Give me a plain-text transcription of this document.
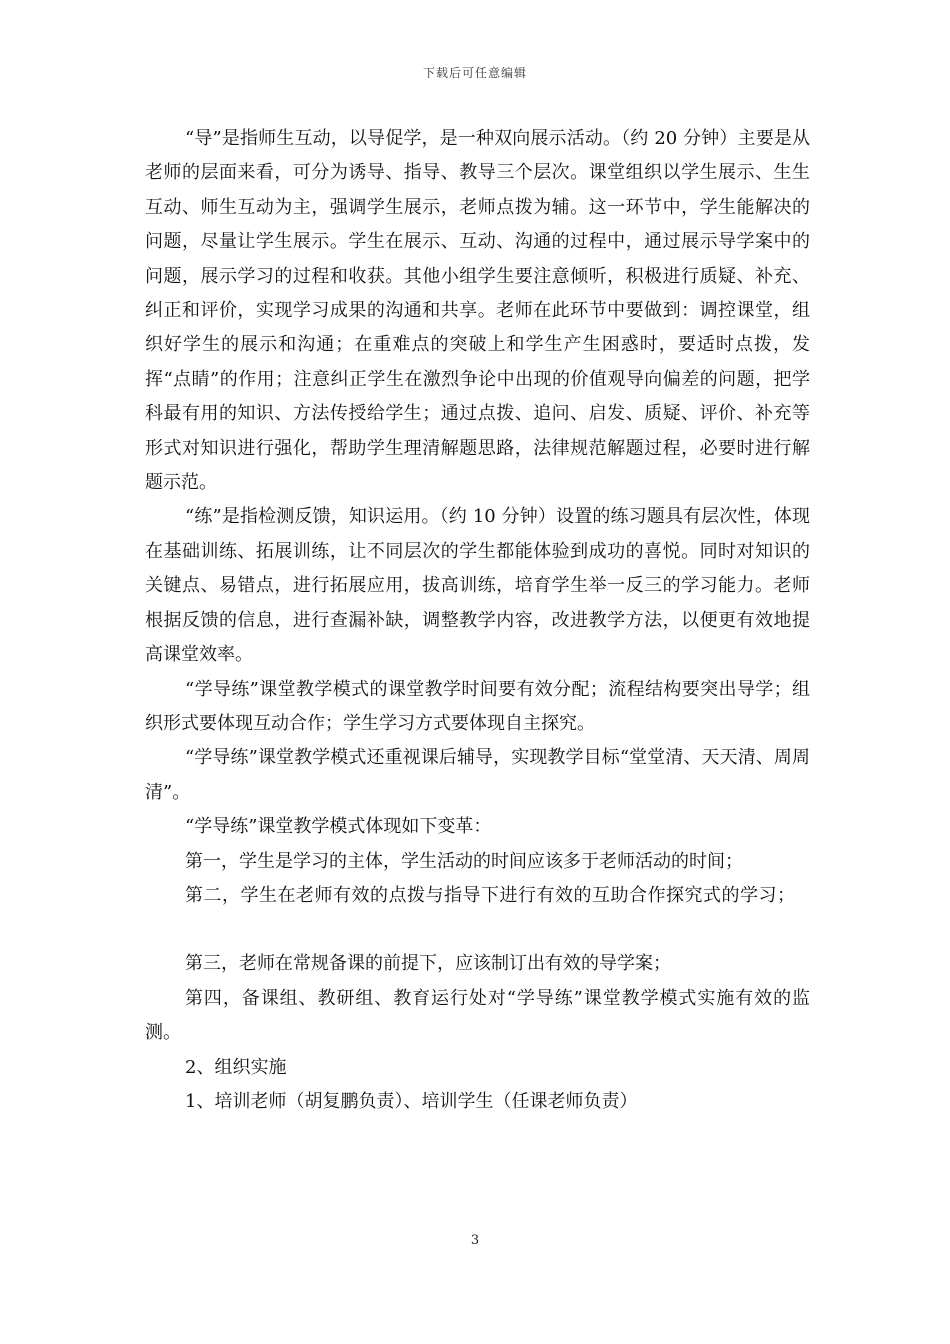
下载后可任意编辑

“导”是指师生互动，以导促学，是一种双向展示活动。（约 20 分钟）主要是从老师的层面来看，可分为诱导、指导、教导三个层次。课堂组织以学生展示、生生互动、师生互动为主，强调学生展示，老师点拨为辅。这一环节中，学生能解决的问题，尽量让学生展示。学生在展示、互动、沟通的过程中，通过展示导学案中的问题，展示学习的过程和收获。其他小组学生要注意倾听，积极进行质疑、补充、纠正和评价，实现学习成果的沟通和共享。老师在此环节中要做到：调控课堂，组织好学生的展示和沟通；在重难点的突破上和学生产生困惑时，要适时点拨，发挥“点睛”的作用；注意纠正学生在激烈争论中出现的价值观导向偏差的问题，把学科最有用的知识、方法传授给学生；通过点拨、追问、启发、质疑、评价、补充等形式对知识进行强化，帮助学生理清解题思路，法律规范解题过程，必要时进行解题示范。

“练”是指检测反馈，知识运用。（约 10 分钟）设置的练习题具有层次性，体现在基础训练、拓展训练，让不同层次的学生都能体验到成功的喜悦。同时对知识的关键点、易错点，进行拓展应用，拔高训练，培育学生举一反三的学习能力。老师根据反馈的信息，进行查漏补缺，调整教学内容，改进教学方法，以便更有效地提高课堂效率。

“学导练”课堂教学模式的课堂教学时间要有效分配；流程结构要突出导学；组织形式要体现互动合作；学生学习方式要体现自主探究。

“学导练”课堂教学模式还重视课后辅导，实现教学目标“堂堂清、天天清、周周清”。

“学导练”课堂教学模式体现如下变革：

第一，学生是学习的主体，学生活动的时间应该多于老师活动的时间；

第二，学生在老师有效的点拨与指导下进行有效的互助合作探究式的学习；

第三，老师在常规备课的前提下，应该制订出有效的导学案；

第四，备课组、教研组、教育运行处对“学导练”课堂教学模式实施有效的监测。

2、组织实施

1、培训老师（胡复鹏负责）、培训学生（任课老师负责）

3
